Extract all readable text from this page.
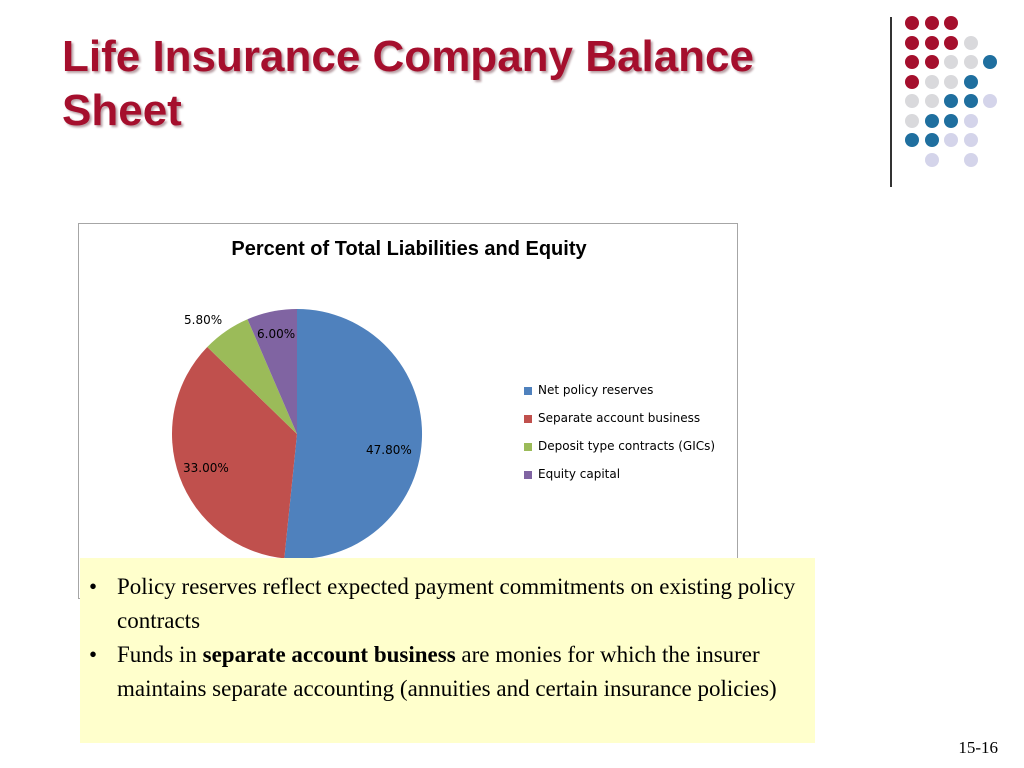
Life Insurance Company Balance Sheet
Percent of Total Liabilities and Equity
47.80%
33.00%
5.80%
6.00%
Net policy reserves
Separate account business
Deposit type contracts (GICs)
Equity capital
• Policy reserves reflect expected payment commitments on existing policy contracts
• Funds in separate account business are monies for which the insurer maintains separate accounting (annuities and certain insurance policies)
15-16
